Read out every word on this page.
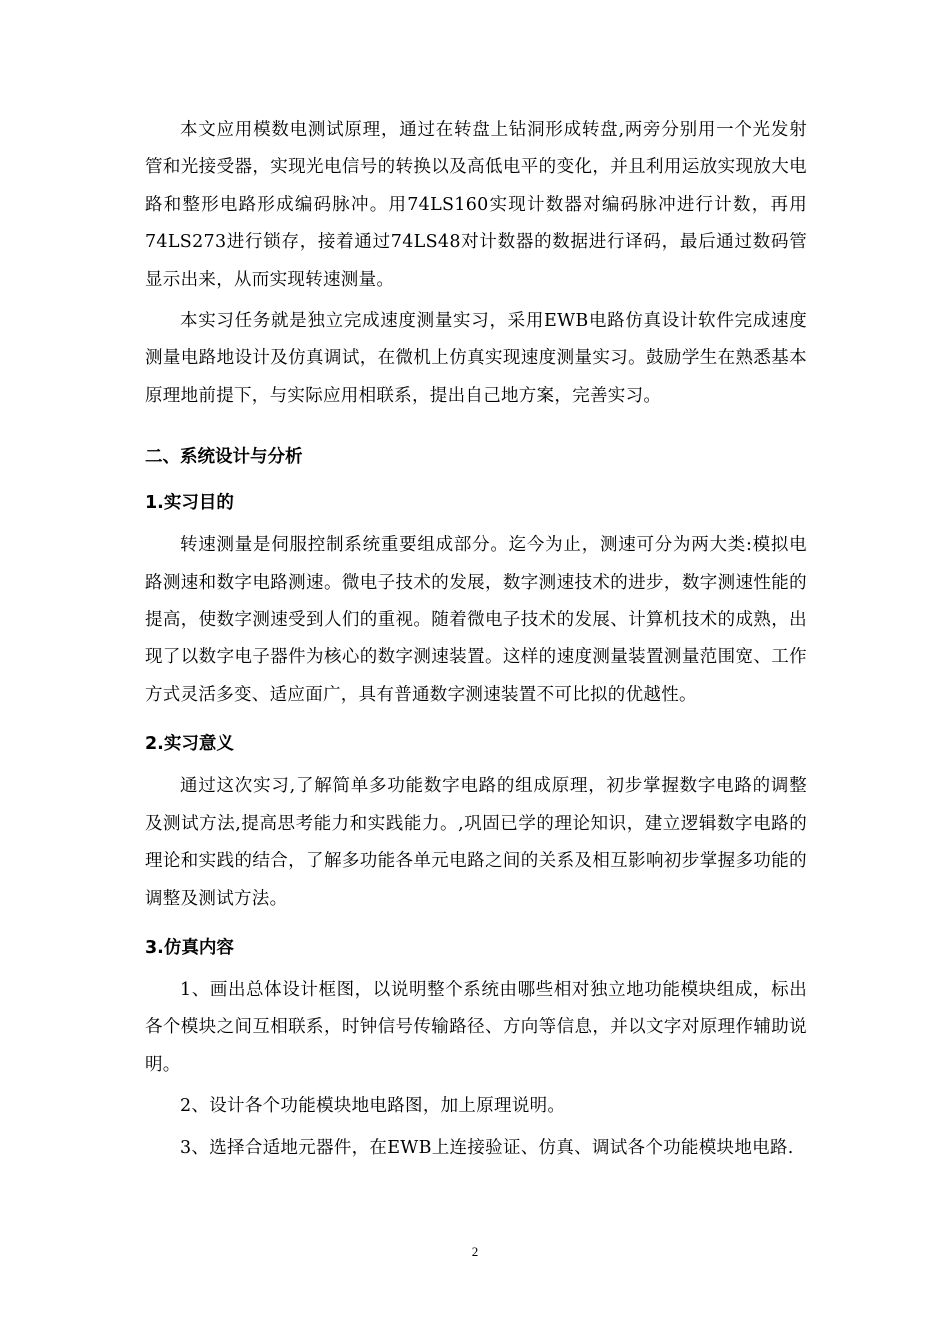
本文应用模数电测试原理，通过在转盘上钻洞形成转盘,两旁分别用一个光发射管和光接受器，实现光电信号的转换以及高低电平的变化，并且利用运放实现放大电路和整形电路形成编码脉冲。用74LS160实现计数器对编码脉冲进行计数，再用74LS273进行锁存，接着通过74LS48对计数器的数据进行译码，最后通过数码管显示出来，从而实现转速测量。

本实习任务就是独立完成速度测量实习，采用EWB电路仿真设计软件完成速度测量电路地设计及仿真调试，在微机上仿真实现速度测量实习。鼓励学生在熟悉基本原理地前提下，与实际应用相联系，提出自己地方案，完善实习。

二、系统设计与分析
1.实习目的

转速测量是伺服控制系统重要组成部分。迄今为止，测速可分为两大类:模拟电路测速和数字电路测速。微电子技术的发展，数字测速技术的进步，数字测速性能的提高，使数字测速受到人们的重视。随着微电子技术的发展、计算机技术的成熟，出现了以数字电子器件为核心的数字测速装置。这样的速度测量装置测量范围宽、工作方式灵活多变、适应面广，具有普通数字测速装置不可比拟的优越性。

2.实习意义

通过这次实习,了解简单多功能数字电路的组成原理，初步掌握数字电路的调整及测试方法,提高思考能力和实践能力。,巩固已学的理论知识，建立逻辑数字电路的理论和实践的结合，了解多功能各单元电路之间的关系及相互影响初步掌握多功能的调整及测试方法。

3.仿真内容

1、画出总体设计框图，以说明整个系统由哪些相对独立地功能模块组成，标出各个模块之间互相联系，时钟信号传输路径、方向等信息，并以文字对原理作辅助说明。

2、设计各个功能模块地电路图，加上原理说明。

3、选择合适地元器件，在EWB上连接验证、仿真、调试各个功能模块地电路.

2
